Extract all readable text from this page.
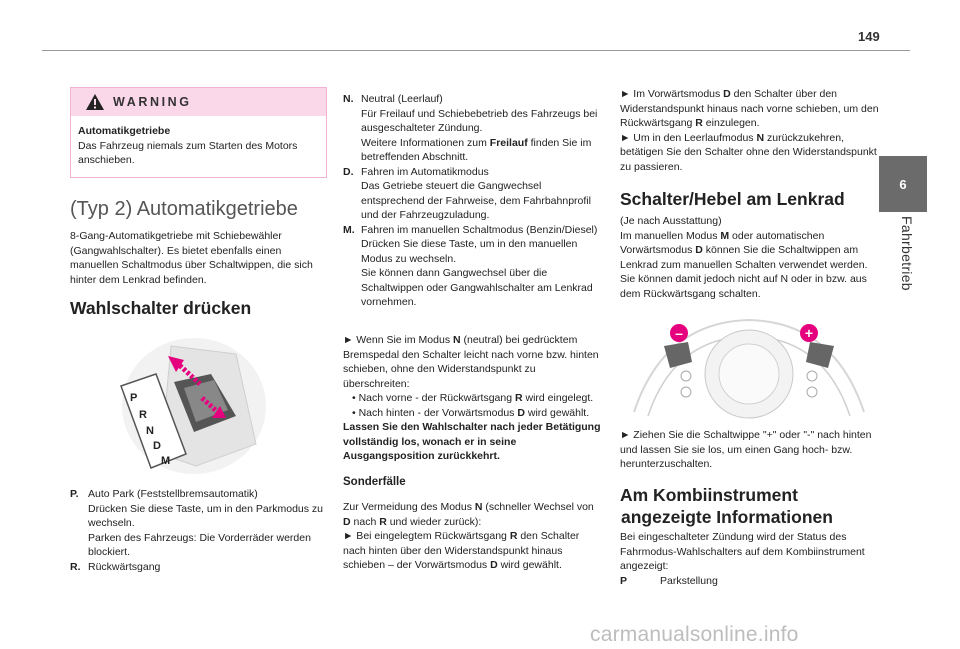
149
6
Fahrbetrieb
WARNING
Automatikgetriebe
Das Fahrzeug niemals zum Starten des Motors anschieben.
(Typ 2) Automatikgetriebe
8-Gang-Automatikgetriebe mit Schiebewähler (Gangwahlschalter). Es bietet ebenfalls einen manuellen Schaltmodus über Schaltwippen, die sich hinter dem Lenkrad befinden.
Wahlschalter drücken
P
R
N
D
M
P. Auto Park (Feststellbremsautomatik)
Drücken Sie diese Taste, um in den Parkmodus zu wechseln.
Parken des Fahrzeugs: Die Vorderräder werden blockiert.
R. Rückwärtsgang
N. Neutral (Leerlauf)
Für Freilauf und Schiebebetrieb des Fahrzeugs bei ausgeschalteter Zündung.
Weitere Informationen zum Freilauf finden Sie im betreffenden Abschnitt.
D. Fahren im Automatikmodus
Das Getriebe steuert die Gangwechsel entsprechend der Fahrweise, dem Fahrbahnprofil und der Fahrzeugzuladung.
M. Fahren im manuellen Schaltmodus (Benzin/Diesel)
Drücken Sie diese Taste, um in den manuellen Modus zu wechseln.
Sie können dann Gangwechsel über die Schaltwippen oder Gangwahlschalter am Lenkrad vornehmen.
► Wenn Sie im Modus N (neutral) bei gedrücktem Bremspedal den Schalter leicht nach vorne bzw. hinten schieben, ohne den Widerstandspunkt zu überschreiten:
• Nach vorne - der Rückwärtsgang R wird eingelegt.
• Nach hinten - der Vorwärtsmodus D wird gewählt.
Lassen Sie den Wahlschalter nach jeder Betätigung vollständig los, wonach er in seine Ausgangsposition zurückkehrt.
Sonderfälle
Zur Vermeidung des Modus N (schneller Wechsel von D nach R und wieder zurück):
► Bei eingelegtem Rückwärtsgang R den Schalter nach hinten über den Widerstandspunkt hinaus schieben – der Vorwärtsmodus D wird gewählt.
► Im Vorwärtsmodus D den Schalter über den Widerstandspunkt hinaus nach vorne schieben, um den Rückwärtsgang R einzulegen.
► Um in den Leerlaufmodus N zurückzukehren, betätigen Sie den Schalter ohne den Widerstandspunkt zu passieren.
Schalter/Hebel am Lenkrad
(Je nach Ausstattung)
Im manuellen Modus M oder automatischen Vorwärtsmodus D können Sie die Schaltwippen am Lenkrad zum manuellen Schalten verwendet werden. Sie können damit jedoch nicht auf N oder in bzw. aus dem Rückwärtsgang schalten.
–	+
► Ziehen Sie die Schaltwippe "+" oder "-" nach hinten und lassen Sie sie los, um einen Gang hoch- bzw. herunterzuschalten.
Am Kombiinstrument
angezeigte Informationen
Bei eingeschalteter Zündung wird der Status des Fahrmodus-Wahlschalters auf dem Kombiinstrument angezeigt:
P	Parkstellung
carmanualsonline.info
